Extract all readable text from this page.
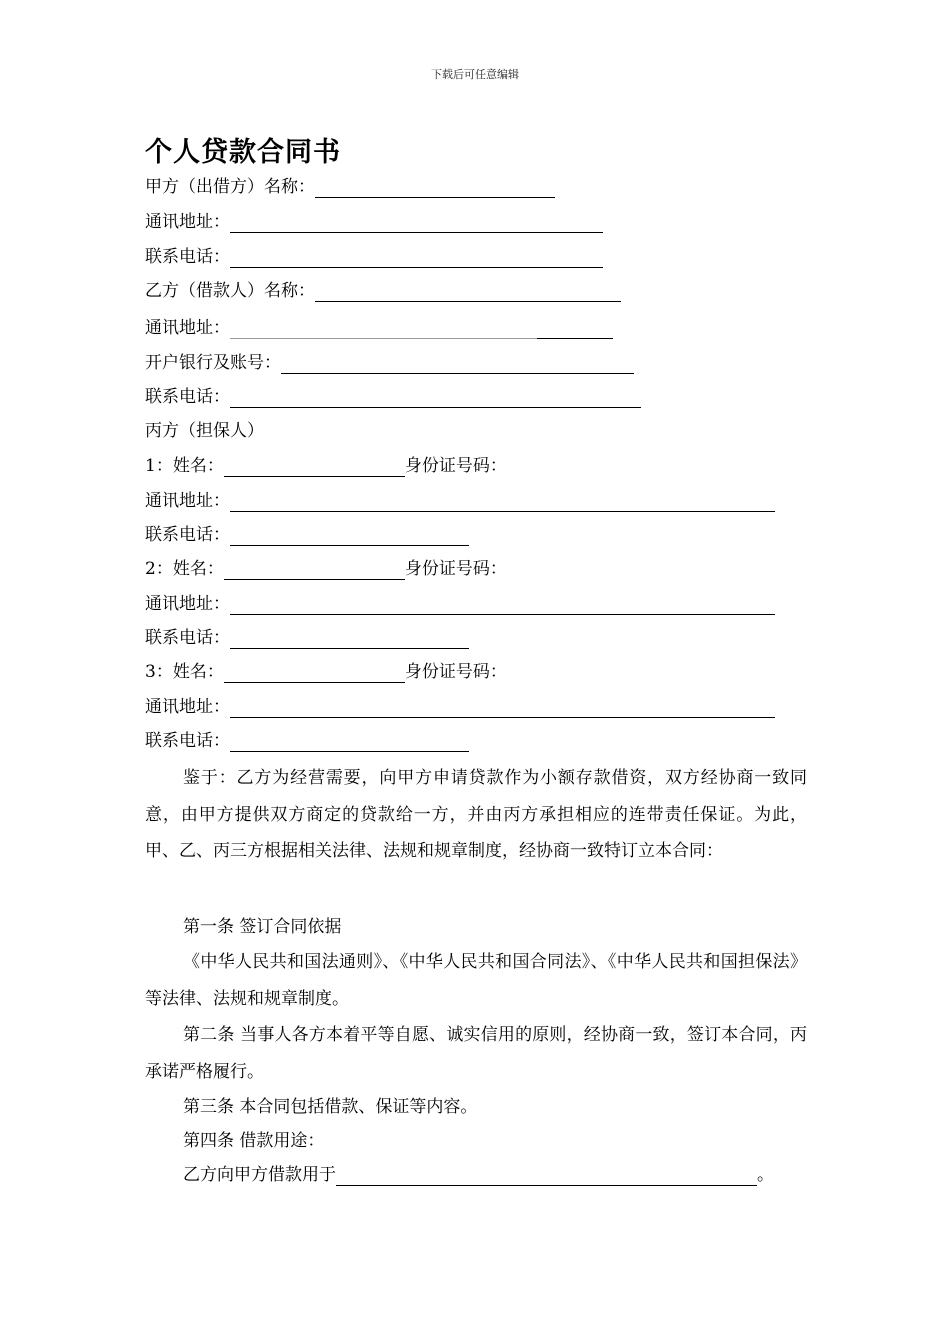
下载后可任意编辑
个人贷款合同书
甲方（出借方）名称：
通讯地址：
联系电话：
乙方（借款人）名称：
通讯地址：
开户银行及账号：
联系电话：
丙方（担保人）
1：姓名：	身份证号码：
通讯地址：
联系电话：
2：姓名：	身份证号码：
通讯地址：
联系电话：
3：姓名：	身份证号码：
通讯地址：
联系电话：
鉴于：乙方为经营需要，向甲方申请贷款作为小额存款借资，双方经协商一致同意，由甲方提供双方商定的贷款给一方，并由丙方承担相应的连带责任保证。为此，甲、乙、丙三方根据相关法律、法规和规章制度，经协商一致特订立本合同：
第一条 签订合同依据
《中华人民共和国法通则》、《中华人民共和国合同法》、《中华人民共和国担保法》等法律、法规和规章制度。
第二条 当事人各方本着平等自愿、诚实信用的原则，经协商一致，签订本合同，丙承诺严格履行。
第三条 本合同包括借款、保证等内容。
第四条 借款用途：
乙方向甲方借款用于	。
